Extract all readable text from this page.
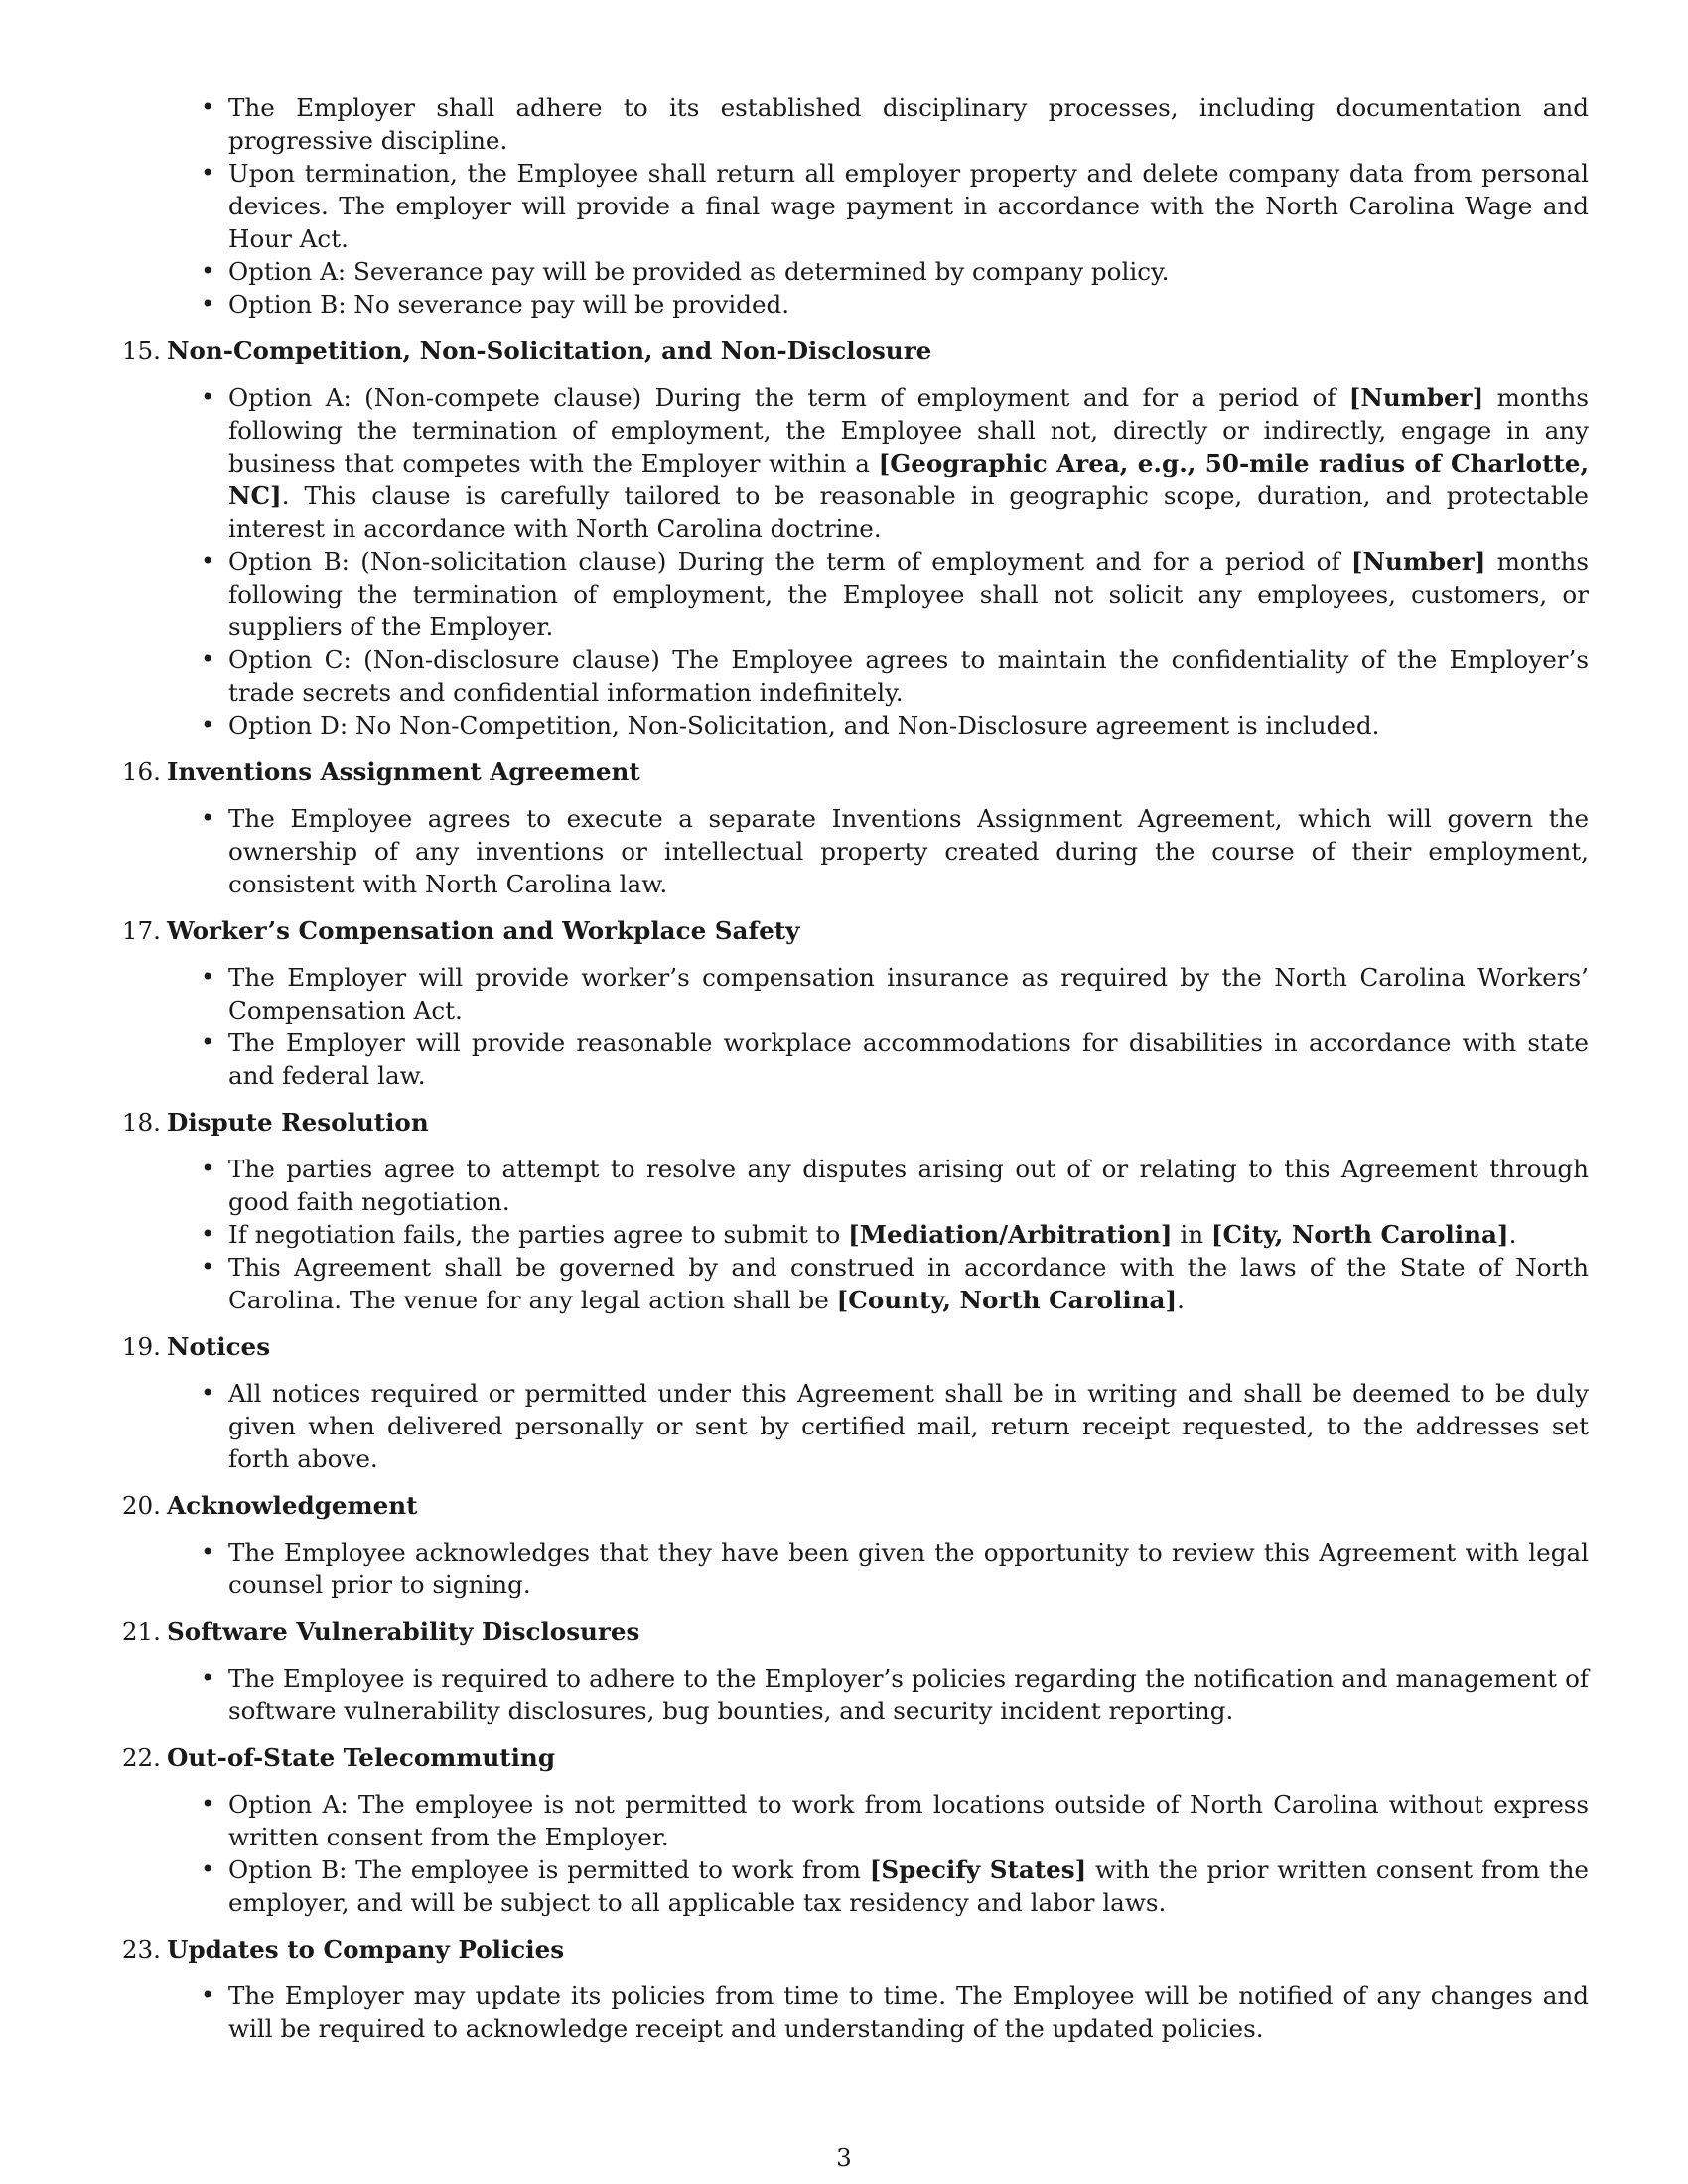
• The Employer shall adhere to its established disciplinary processes, including documentation and progressive discipline.
• Upon termination, the Employee shall return all employer property and delete company data from personal devices. The employer will provide a final wage payment in accordance with the North Carolina Wage and Hour Act.
• Option A: Severance pay will be provided as determined by company policy.
• Option B: No severance pay will be provided.
15. Non-Competition, Non-Solicitation, and Non-Disclosure
• Option A: (Non-compete clause) During the term of employment and for a period of [Number] months following the termination of employment, the Employee shall not, directly or indirectly, engage in any business that competes with the Employer within a [Geographic Area, e.g., 50-mile radius of Charlotte, NC]. This clause is carefully tailored to be reasonable in geographic scope, duration, and protectable interest in accordance with North Carolina doctrine.
• Option B: (Non-solicitation clause) During the term of employment and for a period of [Number] months following the termination of employment, the Employee shall not solicit any employees, customers, or suppliers of the Employer.
• Option C: (Non-disclosure clause) The Employee agrees to maintain the confidentiality of the Employer’s trade secrets and confidential information indefinitely.
• Option D: No Non-Competition, Non-Solicitation, and Non-Disclosure agreement is included.
16. Inventions Assignment Agreement
• The Employee agrees to execute a separate Inventions Assignment Agreement, which will govern the ownership of any inventions or intellectual property created during the course of their employment, consistent with North Carolina law.
17. Worker’s Compensation and Workplace Safety
• The Employer will provide worker’s compensation insurance as required by the North Carolina Workers’ Compensation Act.
• The Employer will provide reasonable workplace accommodations for disabilities in accordance with state and federal law.
18. Dispute Resolution
• The parties agree to attempt to resolve any disputes arising out of or relating to this Agreement through good faith negotiation.
• If negotiation fails, the parties agree to submit to [Mediation/Arbitration] in [City, North Carolina].
• This Agreement shall be governed by and construed in accordance with the laws of the State of North Carolina. The venue for any legal action shall be [County, North Carolina].
19. Notices
• All notices required or permitted under this Agreement shall be in writing and shall be deemed to be duly given when delivered personally or sent by certified mail, return receipt requested, to the addresses set forth above.
20. Acknowledgement
• The Employee acknowledges that they have been given the opportunity to review this Agreement with legal counsel prior to signing.
21. Software Vulnerability Disclosures
• The Employee is required to adhere to the Employer’s policies regarding the notification and management of software vulnerability disclosures, bug bounties, and security incident reporting.
22. Out-of-State Telecommuting
• Option A: The employee is not permitted to work from locations outside of North Carolina without express written consent from the Employer.
• Option B: The employee is permitted to work from [Specify States] with the prior written consent from the employer, and will be subject to all applicable tax residency and labor laws.
23. Updates to Company Policies
• The Employer may update its policies from time to time. The Employee will be notified of any changes and will be required to acknowledge receipt and understanding of the updated policies.
3
